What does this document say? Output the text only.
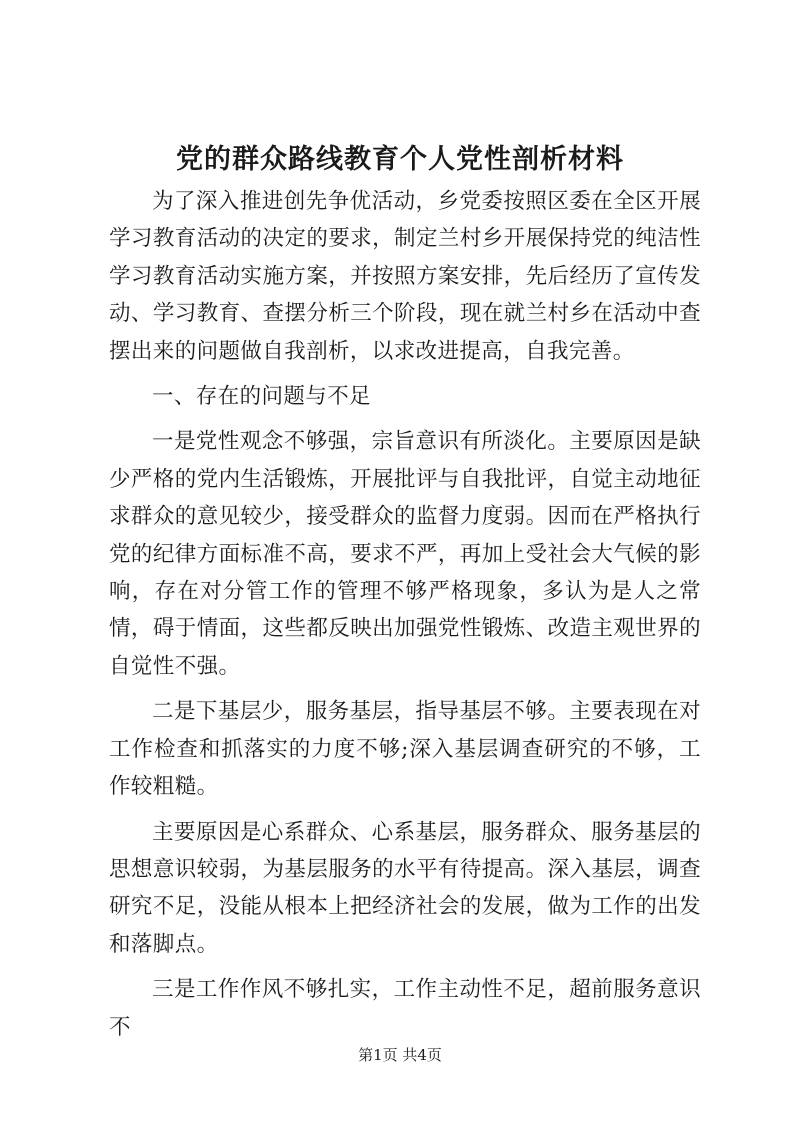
党的群众路线教育个人党性剖析材料

为了深入推进创先争优活动，乡党委按照区委在全区开展学习教育活动的决定的要求，制定兰村乡开展保持党的纯洁性学习教育活动实施方案，并按照方案安排，先后经历了宣传发动、学习教育、查摆分析三个阶段，现在就兰村乡在活动中查摆出来的问题做自我剖析，以求改进提高，自我完善。

一、存在的问题与不足

一是党性观念不够强，宗旨意识有所淡化。主要原因是缺少严格的党内生活锻炼，开展批评与自我批评，自觉主动地征求群众的意见较少，接受群众的监督力度弱。因而在严格执行党的纪律方面标准不高，要求不严，再加上受社会大气候的影响，存在对分管工作的管理不够严格现象，多认为是人之常情，碍于情面，这些都反映出加强党性锻炼、改造主观世界的自觉性不强。

二是下基层少，服务基层，指导基层不够。主要表现在对工作检查和抓落实的力度不够;深入基层调查研究的不够，工作较粗糙。

主要原因是心系群众、心系基层，服务群众、服务基层的思想意识较弱，为基层服务的水平有待提高。深入基层，调查研究不足，没能从根本上把经济社会的发展，做为工作的出发和落脚点。

三是工作作风不够扎实，工作主动性不足，超前服务意识不

第1页 共4页
